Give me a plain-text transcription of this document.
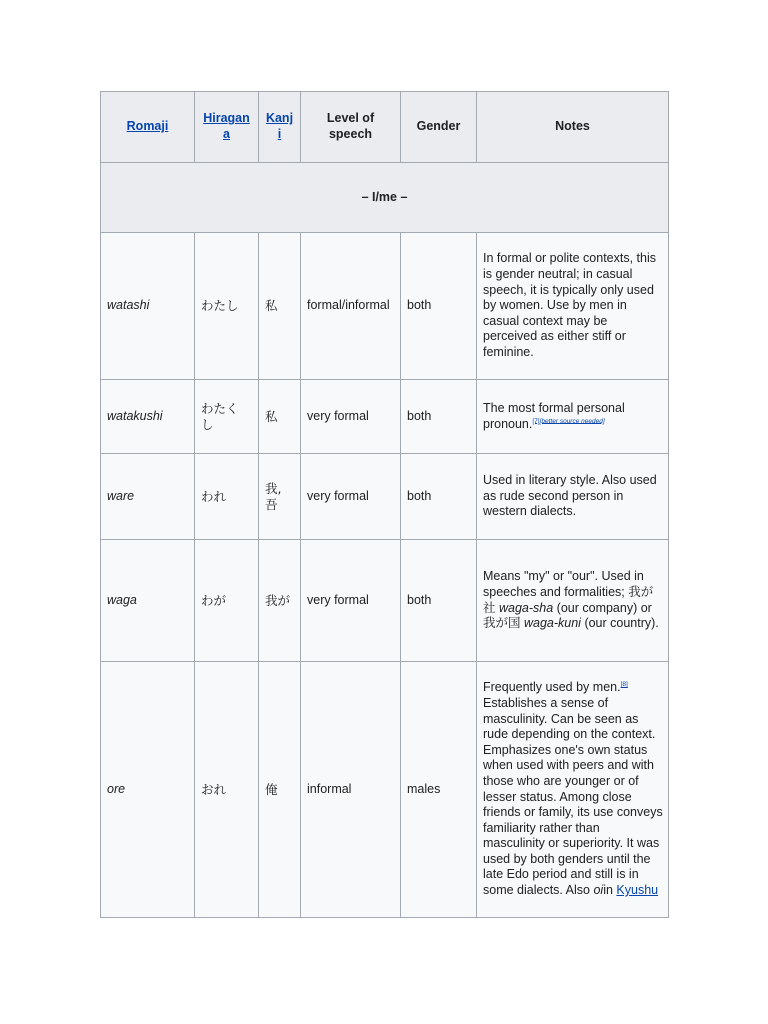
Romaji	Hiragana	Kanji	Level of speech	Gender	Notes
– I/me –					
watashi	わたし	私	formal/informal	both	In formal or polite contexts, this is gender neutral; in casual speech, it is typically only used by women. Use by men in casual context may be perceived as either stiff or feminine.
watakushi	わたくし	私	very formal	both	The most formal personal pronoun.[7][better source needed]
ware	われ	我, 吾	very formal	both	Used in literary style. Also used as rude second person in western dialects.
waga	わが	我が	very formal	both	Means "my" or "our". Used in speeches and formalities; 我が社 waga-sha (our company) or 我が国 waga-kuni (our country).
ore	おれ	俺	informal	males	Frequently used by men.[8] Establishes a sense of masculinity. Can be seen as rude depending on the context. Emphasizes one's own status when used with peers and with those who are younger or of lesser status. Among close friends or family, its use conveys familiarity rather than masculinity or superiority. It was used by both genders until the late Edo period and still is in some dialects. Also oiin Kyushu
